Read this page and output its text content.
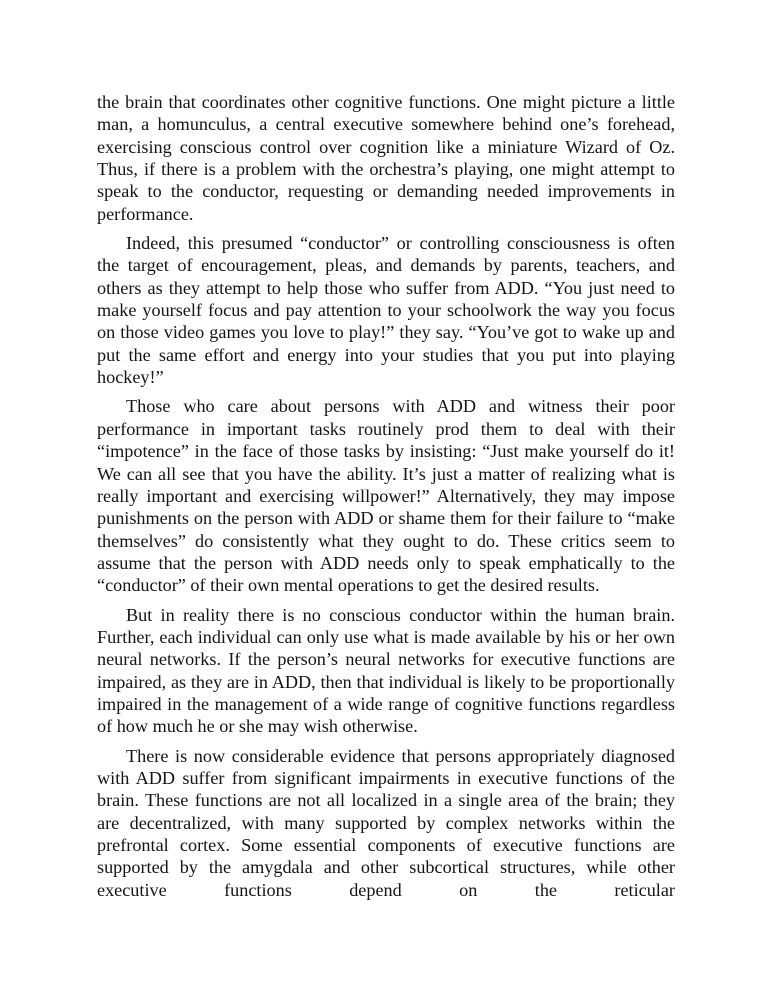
the brain that coordinates other cognitive functions. One might picture a little man, a homunculus, a central executive somewhere behind one’s forehead, exercising conscious control over cognition like a miniature Wizard of Oz. Thus, if there is a problem with the orchestra’s playing, one might attempt to speak to the conductor, requesting or demanding needed improvements in performance.

Indeed, this presumed “conductor” or controlling consciousness is often the target of encouragement, pleas, and demands by parents, teachers, and others as they attempt to help those who suffer from ADD. “You just need to make yourself focus and pay attention to your schoolwork the way you focus on those video games you love to play!” they say. “You’ve got to wake up and put the same effort and energy into your studies that you put into playing hockey!”

Those who care about persons with ADD and witness their poor performance in important tasks routinely prod them to deal with their “impotence” in the face of those tasks by insisting: “Just make yourself do it! We can all see that you have the ability. It’s just a matter of realizing what is really important and exercising willpower!” Alternatively, they may impose punishments on the person with ADD or shame them for their failure to “make themselves” do consistently what they ought to do. These critics seem to assume that the person with ADD needs only to speak emphatically to the “conductor” of their own mental operations to get the desired results.

But in reality there is no conscious conductor within the human brain. Further, each individual can only use what is made available by his or her own neural networks. If the person’s neural networks for executive functions are impaired, as they are in ADD, then that individual is likely to be proportionally impaired in the management of a wide range of cognitive functions regardless of how much he or she may wish otherwise.

There is now considerable evidence that persons appropriately diagnosed with ADD suffer from significant impairments in executive functions of the brain. These functions are not all localized in a single area of the brain; they are decentralized, with many supported by complex networks within the prefrontal cortex. Some essential components of executive functions are supported by the amygdala and other subcortical structures, while other executive functions depend on the reticular
